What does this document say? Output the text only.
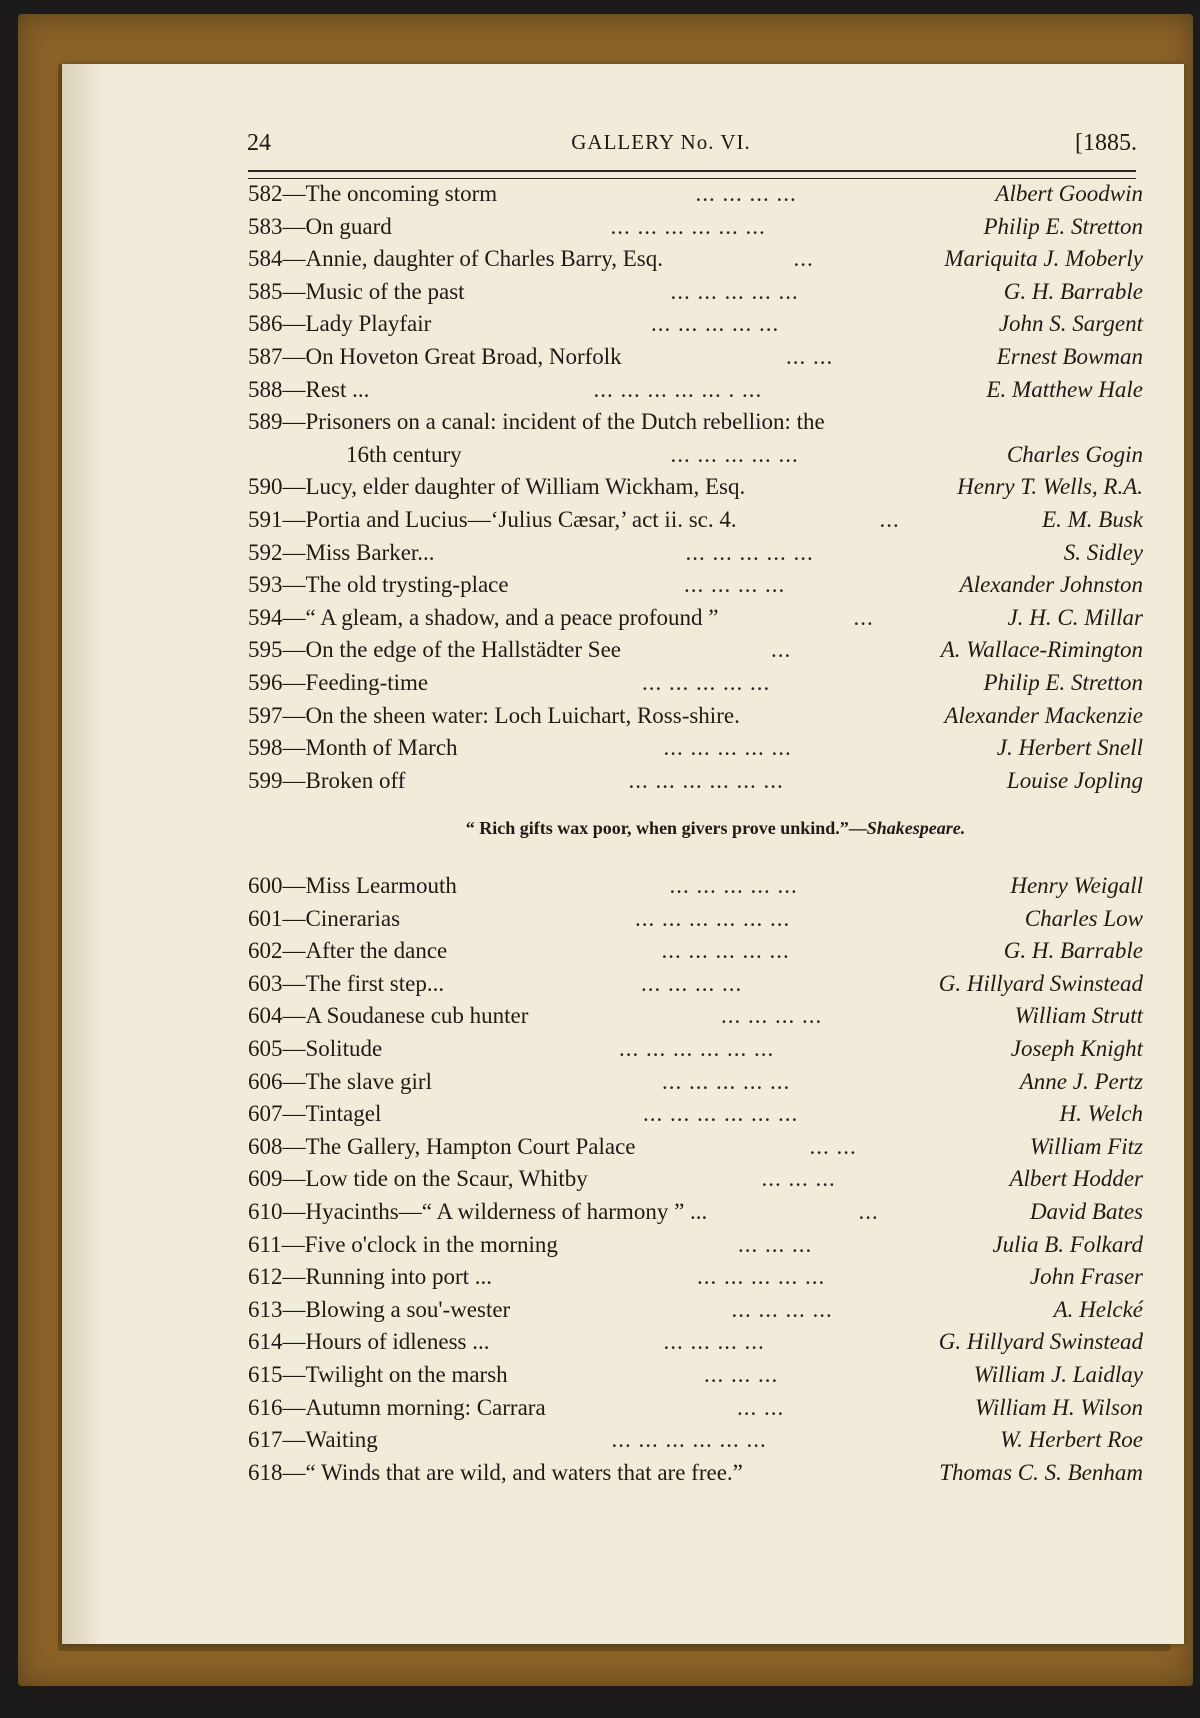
24	GALLERY No. VI.	[1885.
582—The oncoming storm	... ... ... ...	Albert Goodwin
583—On guard	... ... ... ... ... ...	Philip E. Stretton
584—Annie, daughter of Charles Barry, Esq.	...	Mariquita J. Moberly
585—Music of the past	... ... ... ... ...	G. H. Barrable
586—Lady Playfair	... ... ... ... ...	John S. Sargent
587—On Hoveton Great Broad, Norfolk	... ...	Ernest Bowman
588—Rest ...	... ... ... ... ... . ...	E. Matthew Hale
589—Prisoners on a canal: incident of the Dutch rebellion: the
16th century	... ... ... ... ...	Charles Gogin
590—Lucy, elder daughter of William Wickham, Esq.	Henry T. Wells, R.A.
591—Portia and Lucius—‘Julius Cæsar,’ act ii. sc. 4.	...	E. M. Busk
592—Miss Barker...	... ... ... ... ...	S. Sidley
593—The old trysting-place	... ... ... ...	Alexander Johnston
594—“ A gleam, a shadow, and a peace profound ”	...	J. H. C. Millar
595—On the edge of the Hallstädter See	...	A. Wallace-Rimington
596—Feeding-time	... ... ... ... ...	Philip E. Stretton
597—On the sheen water: Loch Luichart, Ross-shire.	Alexander Mackenzie
598—Month of March	... ... ... ... ...	J. Herbert Snell
599—Broken off	... ... ... ... ... ...	Louise Jopling
“ Rich gifts wax poor, when givers prove unkind.”—Shakespeare.
600—Miss Learmouth	... ... ... ... ...	Henry Weigall
601—Cinerarias	... ... ... ... ... ...	Charles Low
602—After the dance	... ... ... ... ...	G. H. Barrable
603—The first step...	... ... ... ...	G. Hillyard Swinstead
604—A Soudanese cub hunter	... ... ... ...	William Strutt
605—Solitude	... ... ... ... ... ...	Joseph Knight
606—The slave girl	... ... ... ... ...	Anne J. Pertz
607—Tintagel	... ... ... ... ... ...	H. Welch
608—The Gallery, Hampton Court Palace	... ...	William Fitz
609—Low tide on the Scaur, Whitby	... ... ...	Albert Hodder
610—Hyacinths—“ A wilderness of harmony ” ...	...	David Bates
611—Five o'clock in the morning	... ... ...	Julia B. Folkard
612—Running into port ...	... ... ... ... ...	John Fraser
613—Blowing a sou'-wester	... ... ... ...	A. Helcké
614—Hours of idleness ...	... ... ... ...	G. Hillyard Swinstead
615—Twilight on the marsh	... ... ...	William J. Laidlay
616—Autumn morning: Carrara	... ...	William H. Wilson
617—Waiting	... ... ... ... ... ...	W. Herbert Roe
618—“ Winds that are wild, and waters that are free.”	Thomas C. S. Benham
